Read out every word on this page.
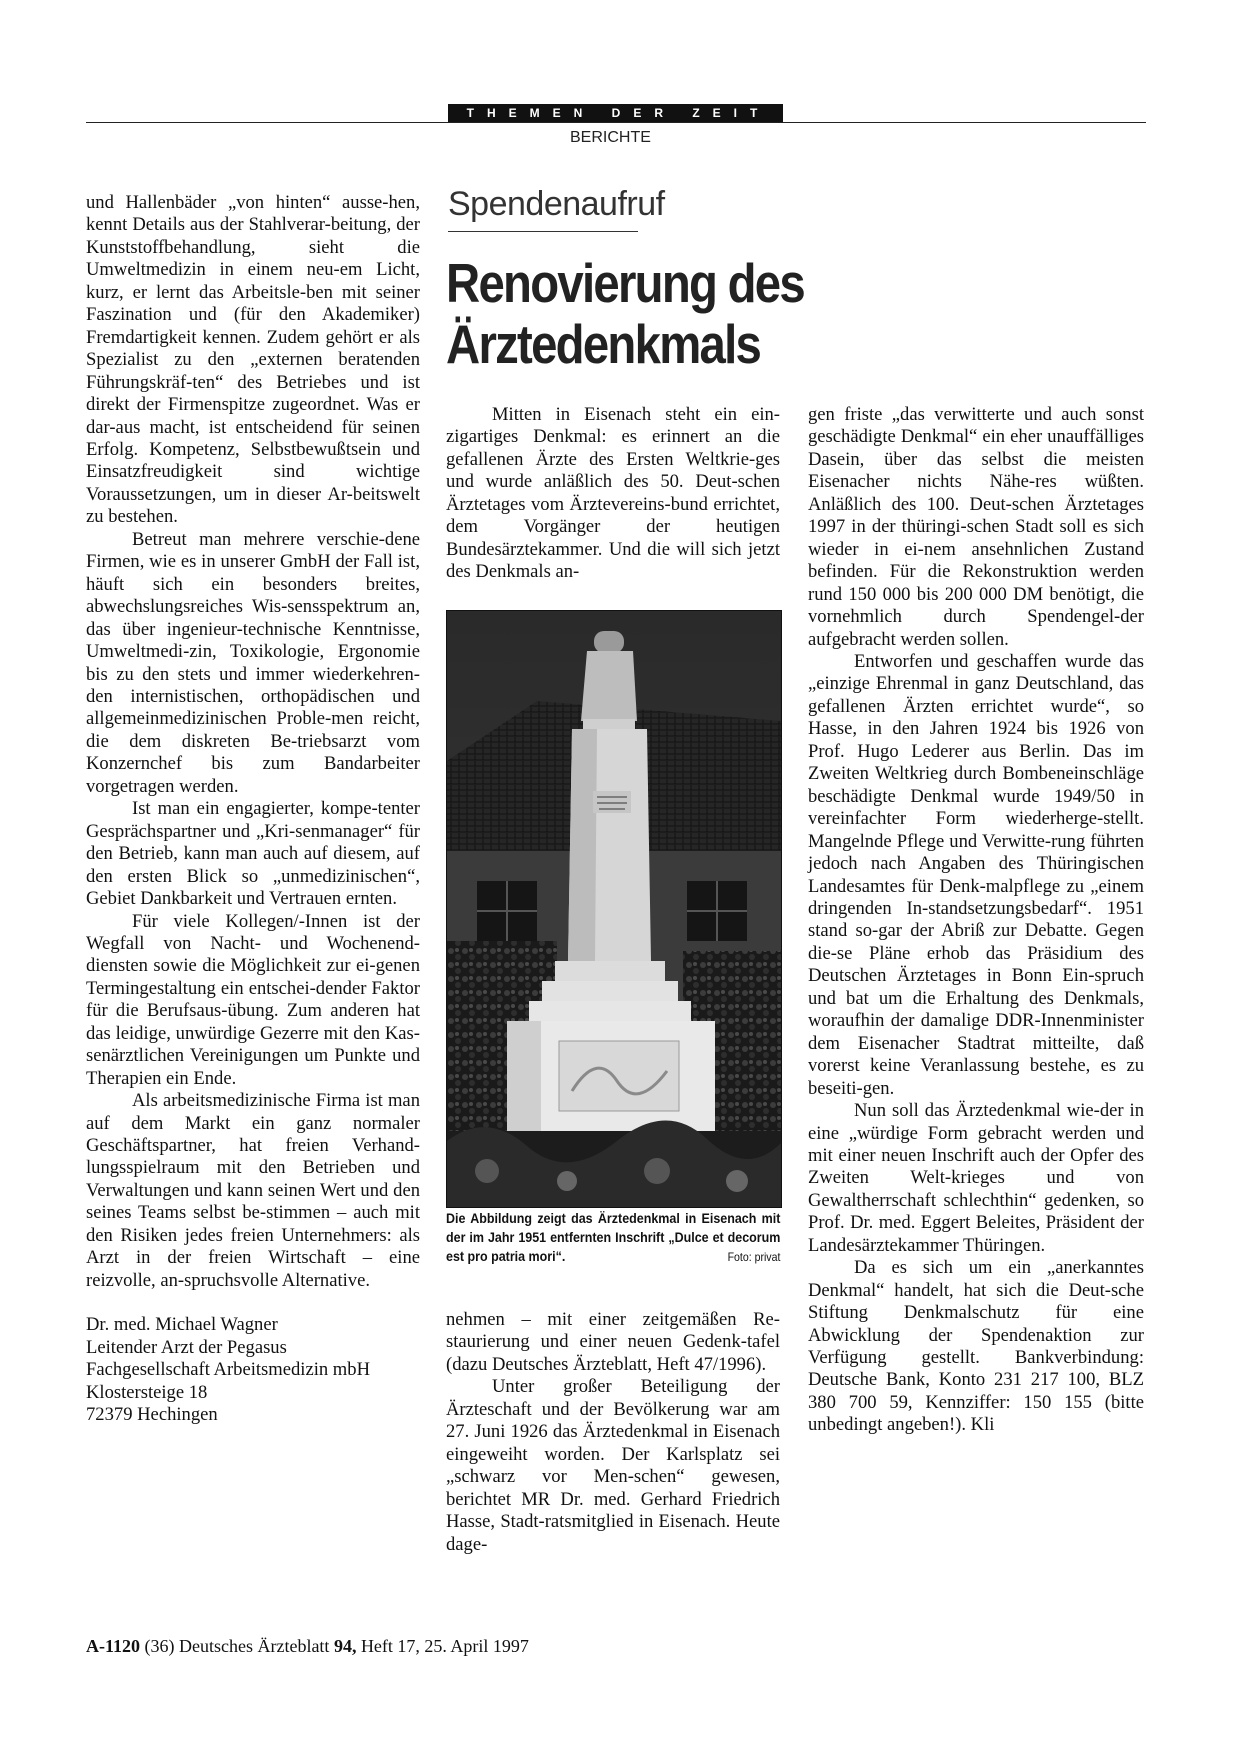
THEMEN DER ZEIT
BERICHTE

und Hallenbäder „von hinten“ ausse-hen, kennt Details aus der Stahlverar-beitung, der Kunststoffbehandlung, sieht die Umweltmedizin in einem neu-em Licht, kurz, er lernt das Arbeitsle-ben mit seiner Faszination und (für den Akademiker) Fremdartigkeit kennen. Zudem gehört er als Spezialist zu den „externen beratenden Führungskräf-ten“ des Betriebes und ist direkt der Firmenspitze zugeordnet. Was er dar-aus macht, ist entscheidend für seinen Erfolg. Kompetenz, Selbstbewußtsein und Einsatzfreudigkeit sind wichtige Voraussetzungen, um in dieser Ar-beitswelt zu bestehen.

Betreut man mehrere verschie-dene Firmen, wie es in unserer GmbH der Fall ist, häuft sich ein besonders breites, abwechslungsreiches Wis-sensspektrum an, das über ingenieur-technische Kenntnisse, Umweltmedi-zin, Toxikologie, Ergonomie bis zu den stets und immer wiederkehren-den internistischen, orthopädischen und allgemeinmedizinischen Proble-men reicht, die dem diskreten Be-triebsarzt vom Konzernchef bis zum Bandarbeiter vorgetragen werden.

Ist man ein engagierter, kompe-tenter Gesprächspartner und „Kri-senmanager“ für den Betrieb, kann man auch auf diesem, auf den ersten Blick so „unmedizinischen“, Gebiet Dankbarkeit und Vertrauen ernten.

Für viele Kollegen/-Innen ist der Wegfall von Nacht- und Wochenend-diensten sowie die Möglichkeit zur ei-genen Termingestaltung ein entschei-dender Faktor für die Berufsaus-übung. Zum anderen hat das leidige, unwürdige Gezerre mit den Kas-senärztlichen Vereinigungen um Punkte und Therapien ein Ende.

Als arbeitsmedizinische Firma ist man auf dem Markt ein ganz normaler Geschäftspartner, hat freien Verhand-lungsspielraum mit den Betrieben und Verwaltungen und kann seinen Wert und den seines Teams selbst be-stimmen – auch mit den Risiken jedes freien Unternehmers: als Arzt in der freien Wirtschaft – eine reizvolle, an-spruchsvolle Alternative.

Dr. med. Michael Wagner
Leitender Arzt der Pegasus
Fachgesellschaft Arbeitsmedizin mbH
Klostersteige 18
72379 Hechingen

Spendenaufruf
Renovierung des
Ärztedenkmals

Mitten in Eisenach steht ein ein-zigartiges Denkmal: es erinnert an die gefallenen Ärzte des Ersten Weltkrie-ges und wurde anläßlich des 50. Deut-schen Ärztetages vom Ärztevereins-bund errichtet, dem Vorgänger der heutigen Bundesärztekammer. Und die will sich jetzt des Denkmals an-

Die Abbildung zeigt das Ärztedenkmal in Eisenach mit der im Jahr 1951 entfernten Inschrift „Dulce et decorum est pro patria mori“.	Foto: privat

nehmen – mit einer zeitgemäßen Re-staurierung und einer neuen Gedenk-tafel (dazu Deutsches Ärzteblatt, Heft 47/1996).

Unter großer Beteiligung der Ärzteschaft und der Bevölkerung war am 27. Juni 1926 das Ärztedenkmal in Eisenach eingeweiht worden. Der Karlsplatz sei „schwarz vor Men-schen“ gewesen, berichtet MR Dr. med. Gerhard Friedrich Hasse, Stadt-ratsmitglied in Eisenach. Heute dage-

gen friste „das verwitterte und auch sonst geschädigte Denkmal“ ein eher unauffälliges Dasein, über das selbst die meisten Eisenacher nichts Nähe-res wüßten. Anläßlich des 100. Deut-schen Ärztetages 1997 in der thüringi-schen Stadt soll es sich wieder in ei-nem ansehnlichen Zustand befinden. Für die Rekonstruktion werden rund 150 000 bis 200 000 DM benötigt, die vornehmlich durch Spendengel-der aufgebracht werden sollen.

Entworfen und geschaffen wurde das „einzige Ehrenmal in ganz Deutschland, das gefallenen Ärzten errichtet wurde“, so Hasse, in den Jahren 1924 bis 1926 von Prof. Hugo Lederer aus Berlin. Das im Zweiten Weltkrieg durch Bombeneinschläge beschädigte Denkmal wurde 1949/50 in vereinfachter Form wiederherge-stellt. Mangelnde Pflege und Verwitte-rung führten jedoch nach Angaben des Thüringischen Landesamtes für Denk-malpflege zu „einem dringenden In-standsetzungsbedarf“. 1951 stand so-gar der Abriß zur Debatte. Gegen die-se Pläne erhob das Präsidium des Deutschen Ärztetages in Bonn Ein-spruch und bat um die Erhaltung des Denkmals, woraufhin der damalige DDR-Innenminister dem Eisenacher Stadtrat mitteilte, daß vorerst keine Veranlassung bestehe, es zu beseiti-gen.

Nun soll das Ärztedenkmal wie-der in eine „würdige Form gebracht werden und mit einer neuen Inschrift auch der Opfer des Zweiten Welt-krieges und von Gewaltherrschaft schlechthin“ gedenken, so Prof. Dr. med. Eggert Beleites, Präsident der Landesärztekammer Thüringen.

Da es sich um ein „anerkanntes Denkmal“ handelt, hat sich die Deut-sche Stiftung Denkmalschutz für eine Abwicklung der Spendenaktion zur Verfügung gestellt. Bankverbindung: Deutsche Bank, Konto 231 217 100, BLZ 380 700 59, Kennziffer: 150 155 (bitte unbedingt angeben!). Kli

A-1120 (36) Deutsches Ärzteblatt 94, Heft 17, 25. April 1997
